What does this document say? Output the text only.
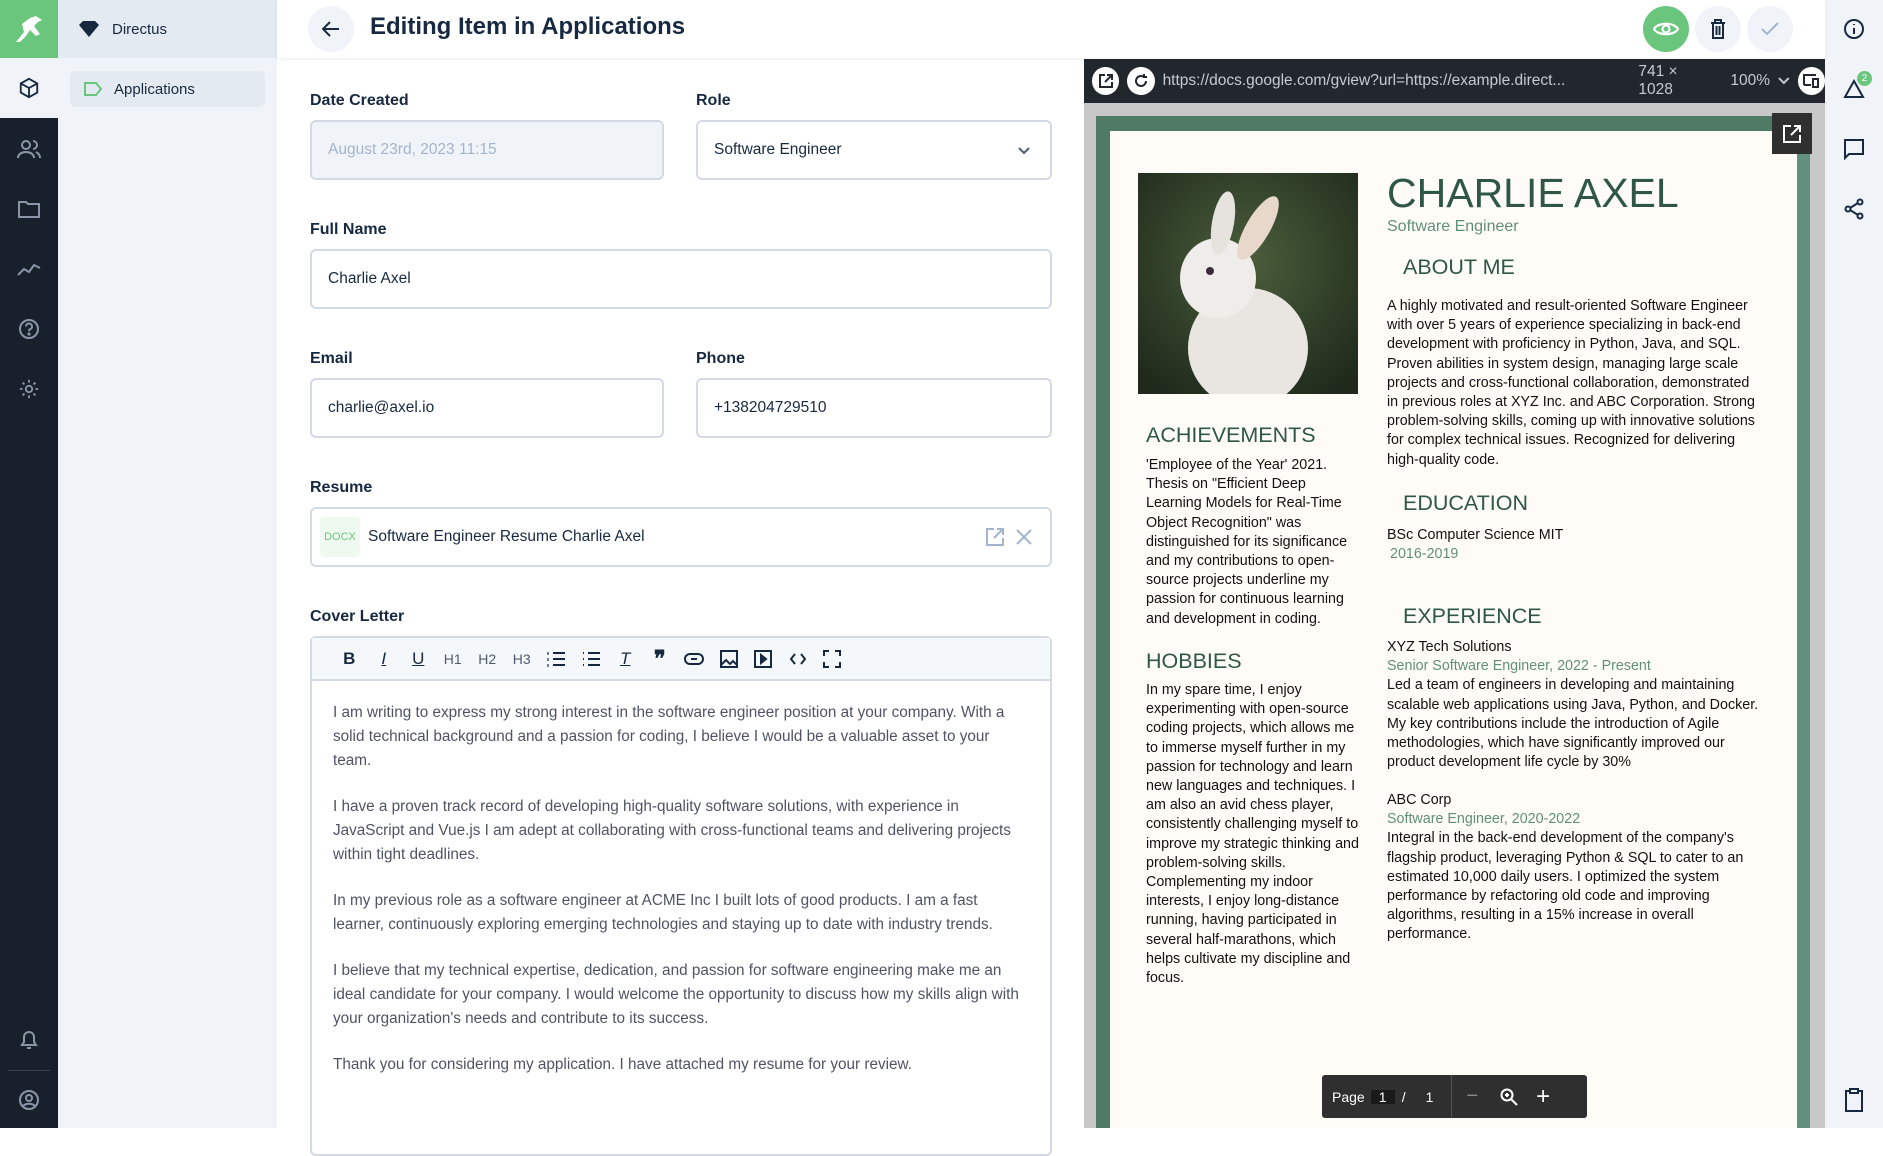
Directus
Applications
Editing Item in Applications
2
Date Created
August 23rd, 2023 11:15
Role
Software Engineer
Full Name
Charlie Axel
Email
charlie@axel.io
Phone
+138204729510
Resume
DOCX Software Engineer Resume Charlie Axel
Cover Letter
B	I	U	H1	H2	H3	T	❞

I am writing to express my strong interest in the software engineer position at your company. With a solid technical background and a passion for coding, I believe I would be a valuable asset to your team.

I have a proven track record of developing high-quality software solutions, with experience in JavaScript and Vue.js I am adept at collaborating with cross-functional teams and delivering projects within tight deadlines.

In my previous role as a software engineer at ACME Inc I built lots of good products. I am a fast learner, continuously exploring emerging technologies and staying up to date with industry trends.

I believe that my technical expertise, dedication, and passion for software engineering make me an ideal candidate for your company. I would welcome the opportunity to discuss how my skills align with your organization's needs and contribute to its success.

Thank you for considering my application. I have attached my resume for your review.

https://docs.google.com/gview?url=https://example.direct...
741 × 1028
100%
CHARLIE AXEL
Software Engineer
ABOUT ME
A highly motivated and result-oriented Software Engineer with over 5 years of experience specializing in back-end development with proficiency in Python, Java, and SQL. Proven abilities in system design, managing large scale projects and cross-functional collaboration, demonstrated in previous roles at XYZ Inc. and ABC Corporation. Strong problem-solving skills, coming up with innovative solutions for complex technical issues. Recognized for delivering high-quality code.
ACHIEVEMENTS
'Employee of the Year' 2021. Thesis on "Efficient Deep Learning Models for Real-Time Object Recognition" was distinguished for its significance and my contributions to open-source projects underline my passion for continuous learning and development in coding.
EDUCATION
BSc Computer Science MIT
2016-2019
HOBBIES
In my spare time, I enjoy experimenting with open-source coding projects, which allows me to immerse myself further in my passion for technology and learn new languages and techniques. I am also an avid chess player, consistently challenging myself to improve my strategic thinking and problem-solving skills. Complementing my indoor interests, I enjoy long-distance running, having participated in several half-marathons, which helps cultivate my discipline and focus.
EXPERIENCE
XYZ Tech Solutions
Senior Software Engineer, 2022 - Present
Led a team of engineers in developing and maintaining scalable web applications using Java, Python, and Docker. My key contributions include the introduction of Agile methodologies, which have significantly improved our product development life cycle by 30%
ABC Corp
Software Engineer, 2020-2022
Integral in the back-end development of the company's flagship product, leveraging Python & SQL to cater to an estimated 10,000 daily users. I optimized the system performance by refactoring old code and improving algorithms, resulting in a 15% increase in overall performance.
Page	1	/ 1 − +
